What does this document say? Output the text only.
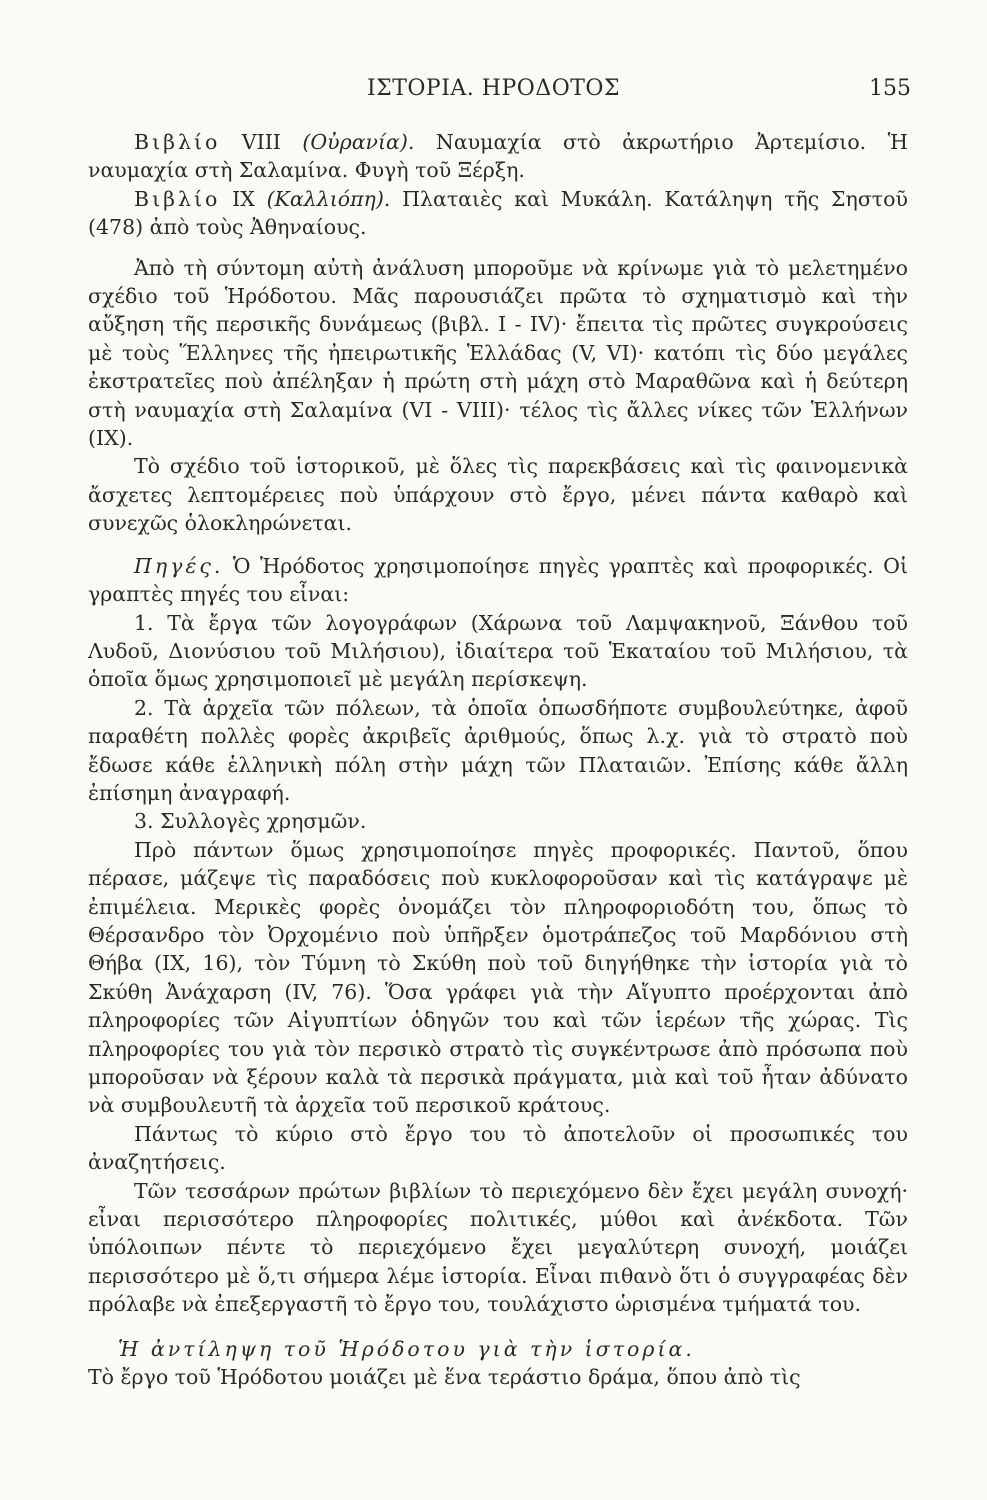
ΙΣΤΟΡΙΑ. ΗΡΟΔΟΤΟΣ	155

Βιβλίο VIII (Οὐρανία). Ναυμαχία στὸ ἀκρωτήριο Ἀρτεμίσιο. Ἡ ναυμαχία στὴ Σαλαμίνα. Φυγὴ τοῦ Ξέρξη.

Βιβλίο IX (Καλλιόπη). Πλαταιὲς καὶ Μυκάλη. Κατάληψη τῆς Σηστοῦ (478) ἀπὸ τοὺς Ἀθηναίους.

Ἀπὸ τὴ σύντομη αὐτὴ ἀνάλυση μποροῦμε νὰ κρίνωμε γιὰ τὸ μελετημένο σχέδιο τοῦ Ἡρόδοτου. Μᾶς παρουσιάζει πρῶτα τὸ σχηματισμὸ καὶ τὴν αὔξηση τῆς περσικῆς δυνάμεως (βιβλ. I - IV)· ἔπειτα τὶς πρῶτες συγκρούσεις μὲ τοὺς Ἕλληνες τῆς ἠπειρωτικῆς Ἑλλάδας (V, VI)· κατόπι τὶς δύο μεγάλες ἐκστρατεῖες ποὺ ἀπέληξαν ἡ πρώτη στὴ μάχη στὸ Μαραθῶνα καὶ ἡ δεύτερη στὴ ναυμαχία στὴ Σαλαμίνα (VI - VIII)· τέλος τὶς ἄλλες νίκες τῶν Ἑλλήνων (IX).

Τὸ σχέδιο τοῦ ἱστορικοῦ, μὲ ὅλες τὶς παρεκβάσεις καὶ τὶς φαινομενικὰ ἄσχετες λεπτομέρειες ποὺ ὑπάρχουν στὸ ἔργο, μένει πάντα καθαρὸ καὶ συνεχῶς ὁλοκληρώνεται.

Πηγές. Ὁ Ἡρόδοτος χρησιμοποίησε πηγὲς γραπτὲς καὶ προφορικές. Οἱ γραπτὲς πηγές του εἶναι:

1. Τὰ ἔργα τῶν λογογράφων (Χάρωνα τοῦ Λαμψακηνοῦ, Ξάνθου τοῦ Λυδοῦ, Διονύσιου τοῦ Μιλήσιου), ἰδιαίτερα τοῦ Ἑκαταίου τοῦ Μιλήσιου, τὰ ὁποῖα ὅμως χρησιμοποιεῖ μὲ μεγάλη περίσκεψη.

2. Τὰ ἀρχεῖα τῶν πόλεων, τὰ ὁποῖα ὁπωσδήποτε συμβουλεύτηκε, ἀφοῦ παραθέτη πολλὲς φορὲς ἀκριβεῖς ἀριθμούς, ὅπως λ.χ. γιὰ τὸ στρατὸ ποὺ ἔδωσε κάθε ἑλληνικὴ πόλη στὴν μάχη τῶν Πλαταιῶν. Ἐπίσης κάθε ἄλλη ἐπίσημη ἀναγραφή.

3. Συλλογὲς χρησμῶν.

Πρὸ πάντων ὅμως χρησιμοποίησε πηγὲς προφορικές. Παντοῦ, ὅπου πέρασε, μάζεψε τὶς παραδόσεις ποὺ κυκλοφοροῦσαν καὶ τὶς κατάγραψε μὲ ἐπιμέλεια. Μερικὲς φορὲς ὀνομάζει τὸν πληροφοριοδότη του, ὅπως τὸ Θέρσανδρο τὸν Ὀρχομένιο ποὺ ὑπῆρξεν ὁμοτράπεζος τοῦ Μαρδόνιου στὴ Θήβα (IX, 16), τὸν Τύμνη τὸ Σκύθη ποὺ τοῦ διηγήθηκε τὴν ἱστορία γιὰ τὸ Σκύθη Ἀνάχαρση (IV, 76). Ὅσα γράφει γιὰ τὴν Αἴγυπτο προέρχονται ἀπὸ πληροφορίες τῶν Αἰγυπτίων ὁδηγῶν του καὶ τῶν ἱερέων τῆς χώρας. Τὶς πληροφορίες του γιὰ τὸν περσικὸ στρατὸ τὶς συγκέντρωσε ἀπὸ πρόσωπα ποὺ μποροῦσαν νὰ ξέρουν καλὰ τὰ περσικὰ πράγματα, μιὰ καὶ τοῦ ἦταν ἀδύνατο νὰ συμβουλευτῆ τὰ ἀρχεῖα τοῦ περσικοῦ κράτους.

Πάντως τὸ κύριο στὸ ἔργο του τὸ ἀποτελοῦν οἱ προσωπικές του ἀναζητήσεις.

Τῶν τεσσάρων πρώτων βιβλίων τὸ περιεχόμενο δὲν ἔχει μεγάλη συνοχή· εἶναι περισσότερο πληροφορίες πολιτικές, μύθοι καὶ ἀνέκδοτα. Τῶν ὑπόλοιπων πέντε τὸ περιεχόμενο ἔχει μεγαλύτερη συνοχή, μοιάζει περισσότερο μὲ ὅ,τι σήμερα λέμε ἱστορία. Εἶναι πιθανὸ ὅτι ὁ συγγραφέας δὲν πρόλαβε νὰ ἐπεξεργαστῆ τὸ ἔργο του, τουλάχιστο ὡρισμένα τμήματά του.

Ἡ ἀντίληψη τοῦ Ἡρόδοτου γιὰ τὴν ἱστορία.

Τὸ ἔργο τοῦ Ἡρόδοτου μοιάζει μὲ ἕνα τεράστιο δράμα, ὅπου ἀπὸ τὶς
